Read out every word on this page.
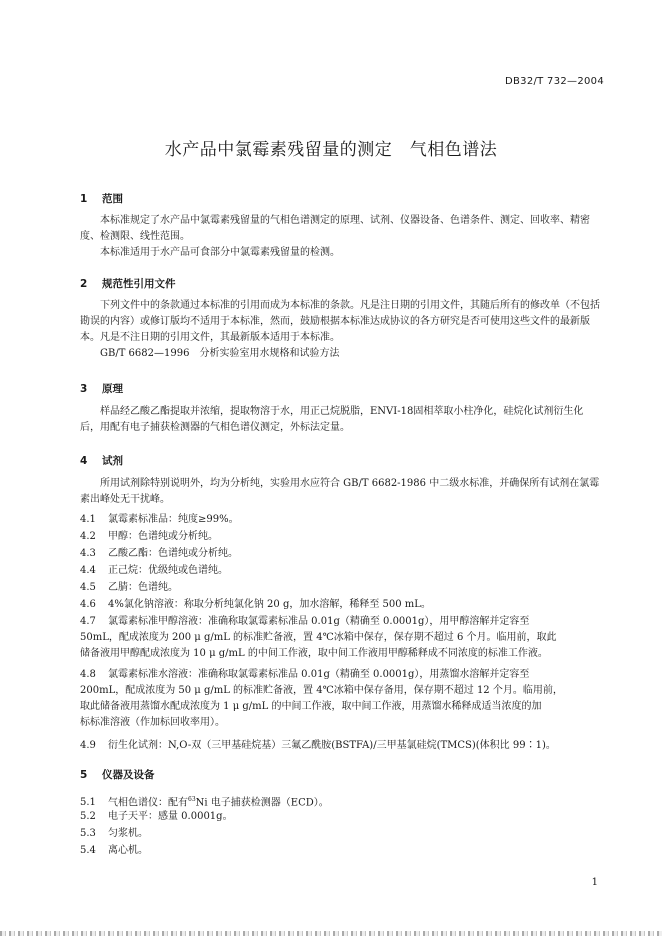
DB32/T 732—2004
水产品中氯霉素残留量的测定　气相色谱法
1 范围

本标准规定了水产品中氯霉素残留量的气相色谱测定的原理、试剂、仪器设备、色谱条件、测定、回收率、精密度、检测限、线性范围。

本标准适用于水产品可食部分中氯霉素残留量的检测。

2 规范性引用文件

下列文件中的条款通过本标准的引用而成为本标准的条款。凡是注日期的引用文件，其随后所有的修改单（不包括勘误的内容）或修订版均不适用于本标准，然而，鼓励根据本标准达成协议的各方研究是否可使用这些文件的最新版本。凡是不注日期的引用文件，其最新版本适用于本标准。

GB/T 6682—1996　分析实验室用水规格和试验方法

3 原理

样品经乙酸乙酯提取并浓缩，提取物溶于水，用正己烷脱脂，ENVI-18固相萃取小柱净化，硅烷化试剂衍生化后，用配有电子捕获检测器的气相色谱仪测定，外标法定量。

4 试剂

所用试剂除特别说明外，均为分析纯，实验用水应符合 GB/T 6682-1986 中二级水标准，并确保所有试剂在氯霉素出峰处无干扰峰。

4.1 氯霉素标准品：纯度≥99%。
4.2 甲醇：色谱纯或分析纯。
4.3 乙酸乙酯：色谱纯或分析纯。
4.4 正己烷：优级纯或色谱纯。
4.5 乙腈：色谱纯。
4.6 4%氯化钠溶液：称取分析纯氯化钠 20 g，加水溶解，稀释至 500 mL。
4.7 氯霉素标准甲醇溶液：准确称取氯霉素标准品 0.01g（精确至 0.0001g），用甲醇溶解并定容至
50mL，配成浓度为 200 μ g/mL 的标准贮备液，置 4℃冰箱中保存，保存期不超过 6 个月。临用前，取此
储备液用甲醇配成浓度为 10 μ g/mL 的中间工作液，取中间工作液用甲醇稀释成不同浓度的标准工作液。
4.8 氯霉素标准水溶液：准确称取氯霉素标准品 0.01g（精确至 0.0001g），用蒸馏水溶解并定容至
200mL，配成浓度为 50 μ g/mL 的标准贮备液，置 4℃冰箱中保存备用，保存期不超过 12 个月。临用前，
取此储备液用蒸馏水配成浓度为 1 μ g/mL 的中间工作液，取中间工作液，用蒸馏水稀释成适当浓度的加
标标准溶液（作加标回收率用）。
4.9 衍生化试剂：N,O-双（三甲基硅烷基）三氟乙酰胺(BSTFA)/三甲基氯硅烷(TMCS)(体积比 99∶1)。
5 仪器及设备
5.1 气相色谱仪：配有$^{63}$Ni 电子捕获检测器（ECD）。
5.2 电子天平：感量 0.0001g。
5.3 匀浆机。
5.4 离心机。
1
